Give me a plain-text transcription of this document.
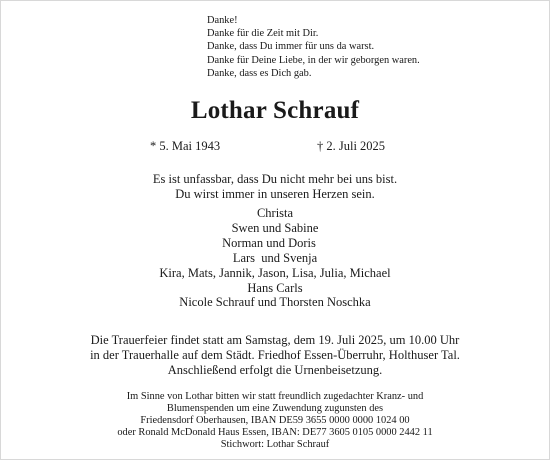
Danke!
Danke für die Zeit mit Dir.
Danke, dass Du immer für uns da warst.
Danke für Deine Liebe, in der wir geborgen waren.
Danke, dass es Dich gab.
Lothar Schrauf
* 5. Mai 1943	† 2. Juli 2025
Es ist unfassbar, dass Du nicht mehr bei uns bist.
Du wirst immer in unseren Herzen sein.
Christa
Swen und Sabine
Norman und Doris
Lars  und Svenja
Kira, Mats, Jannik, Jason, Lisa, Julia, Michael
Hans Carls
Nicole Schrauf und Thorsten Noschka
Die Trauerfeier findet statt am Samstag, dem 19. Juli 2025, um 10.00 Uhr
in der Trauerhalle auf dem Städt. Friedhof Essen-Überruhr, Holthuser Tal.
Anschließend erfolgt die Urnenbeisetzung.
Im Sinne von Lothar bitten wir statt freundlich zugedachter Kranz- und
Blumenspenden um eine Zuwendung zugunsten des
Friedensdorf Oberhausen, IBAN DE59 3655 0000 0000 1024 00
oder Ronald McDonald Haus Essen, IBAN: DE77 3605 0105 0000 2442 11
Stichwort: Lothar Schrauf
